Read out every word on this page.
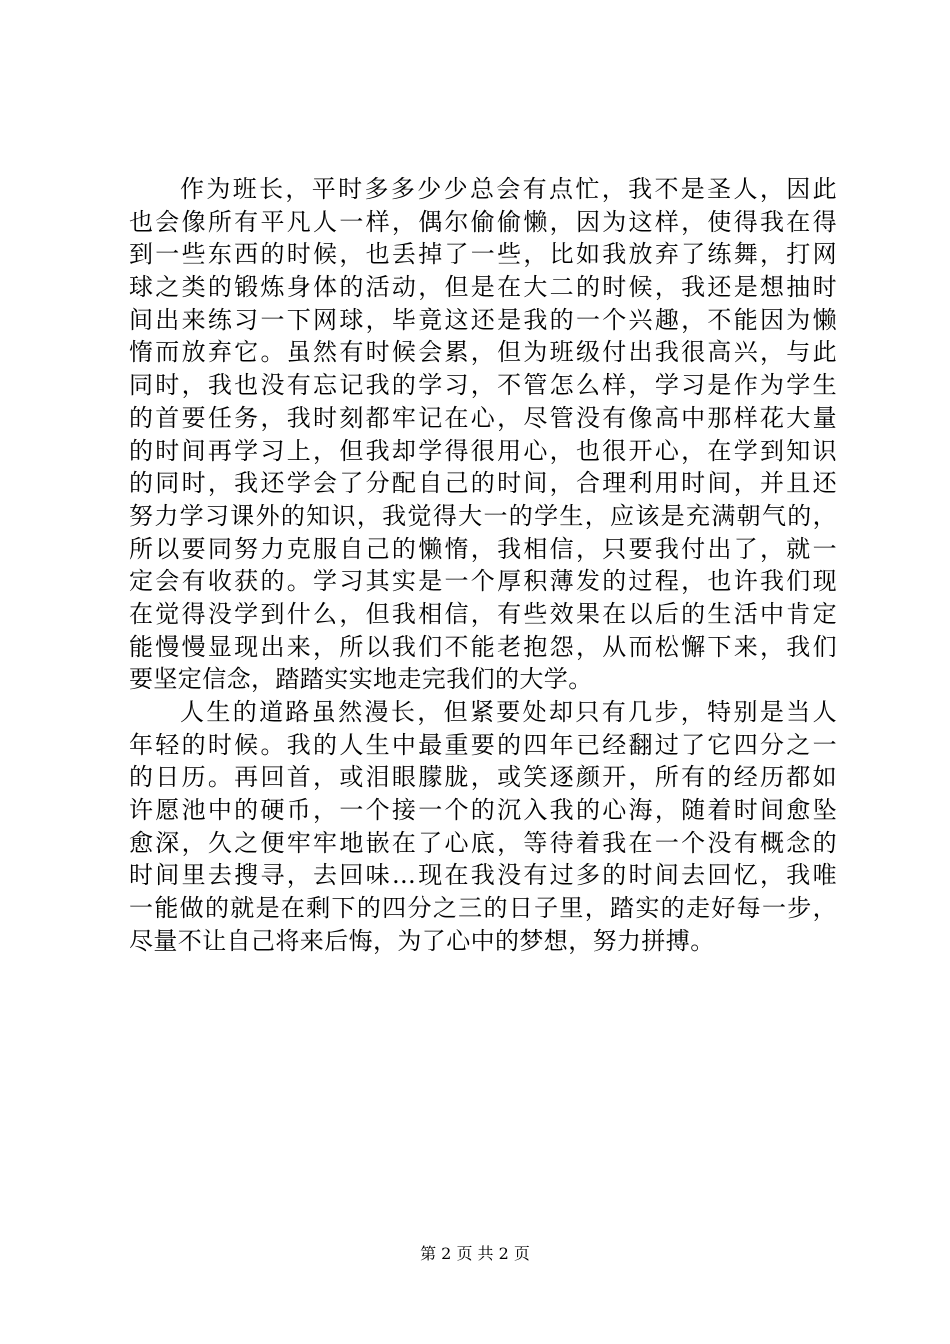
作为班长，平时多多少少总会有点忙，我不是圣人，因此
也会像所有平凡人一样，偶尔偷偷懒，因为这样，使得我在得
到一些东西的时候，也丢掉了一些，比如我放弃了练舞，打网
球之类的锻炼身体的活动，但是在大二的时候，我还是想抽时
间出来练习一下网球，毕竟这还是我的一个兴趣，不能因为懒
惰而放弃它。虽然有时候会累，但为班级付出我很高兴，与此
同时，我也没有忘记我的学习，不管怎么样，学习是作为学生
的首要任务，我时刻都牢记在心，尽管没有像高中那样花大量
的时间再学习上，但我却学得很用心，也很开心，在学到知识
的同时，我还学会了分配自己的时间，合理利用时间，并且还
努力学习课外的知识，我觉得大一的学生，应该是充满朝气的，
所以要同努力克服自己的懒惰，我相信，只要我付出了，就一
定会有收获的。学习其实是一个厚积薄发的过程，也许我们现
在觉得没学到什么，但我相信，有些效果在以后的生活中肯定
能慢慢显现出来，所以我们不能老抱怨，从而松懈下来，我们
要坚定信念，踏踏实实地走完我们的大学。
人生的道路虽然漫长，但紧要处却只有几步，特别是当人
年轻的时候。我的人生中最重要的四年已经翻过了它四分之一
的日历。再回首，或泪眼朦胧，或笑逐颜开，所有的经历都如
许愿池中的硬币，一个接一个的沉入我的心海，随着时间愈坠
愈深，久之便牢牢地嵌在了心底，等待着我在一个没有概念的
时间里去搜寻，去回味…现在我没有过多的时间去回忆，我唯
一能做的就是在剩下的四分之三的日子里，踏实的走好每一步，
尽量不让自己将来后悔，为了心中的梦想，努力拼搏。
第 2 页 共 2 页
